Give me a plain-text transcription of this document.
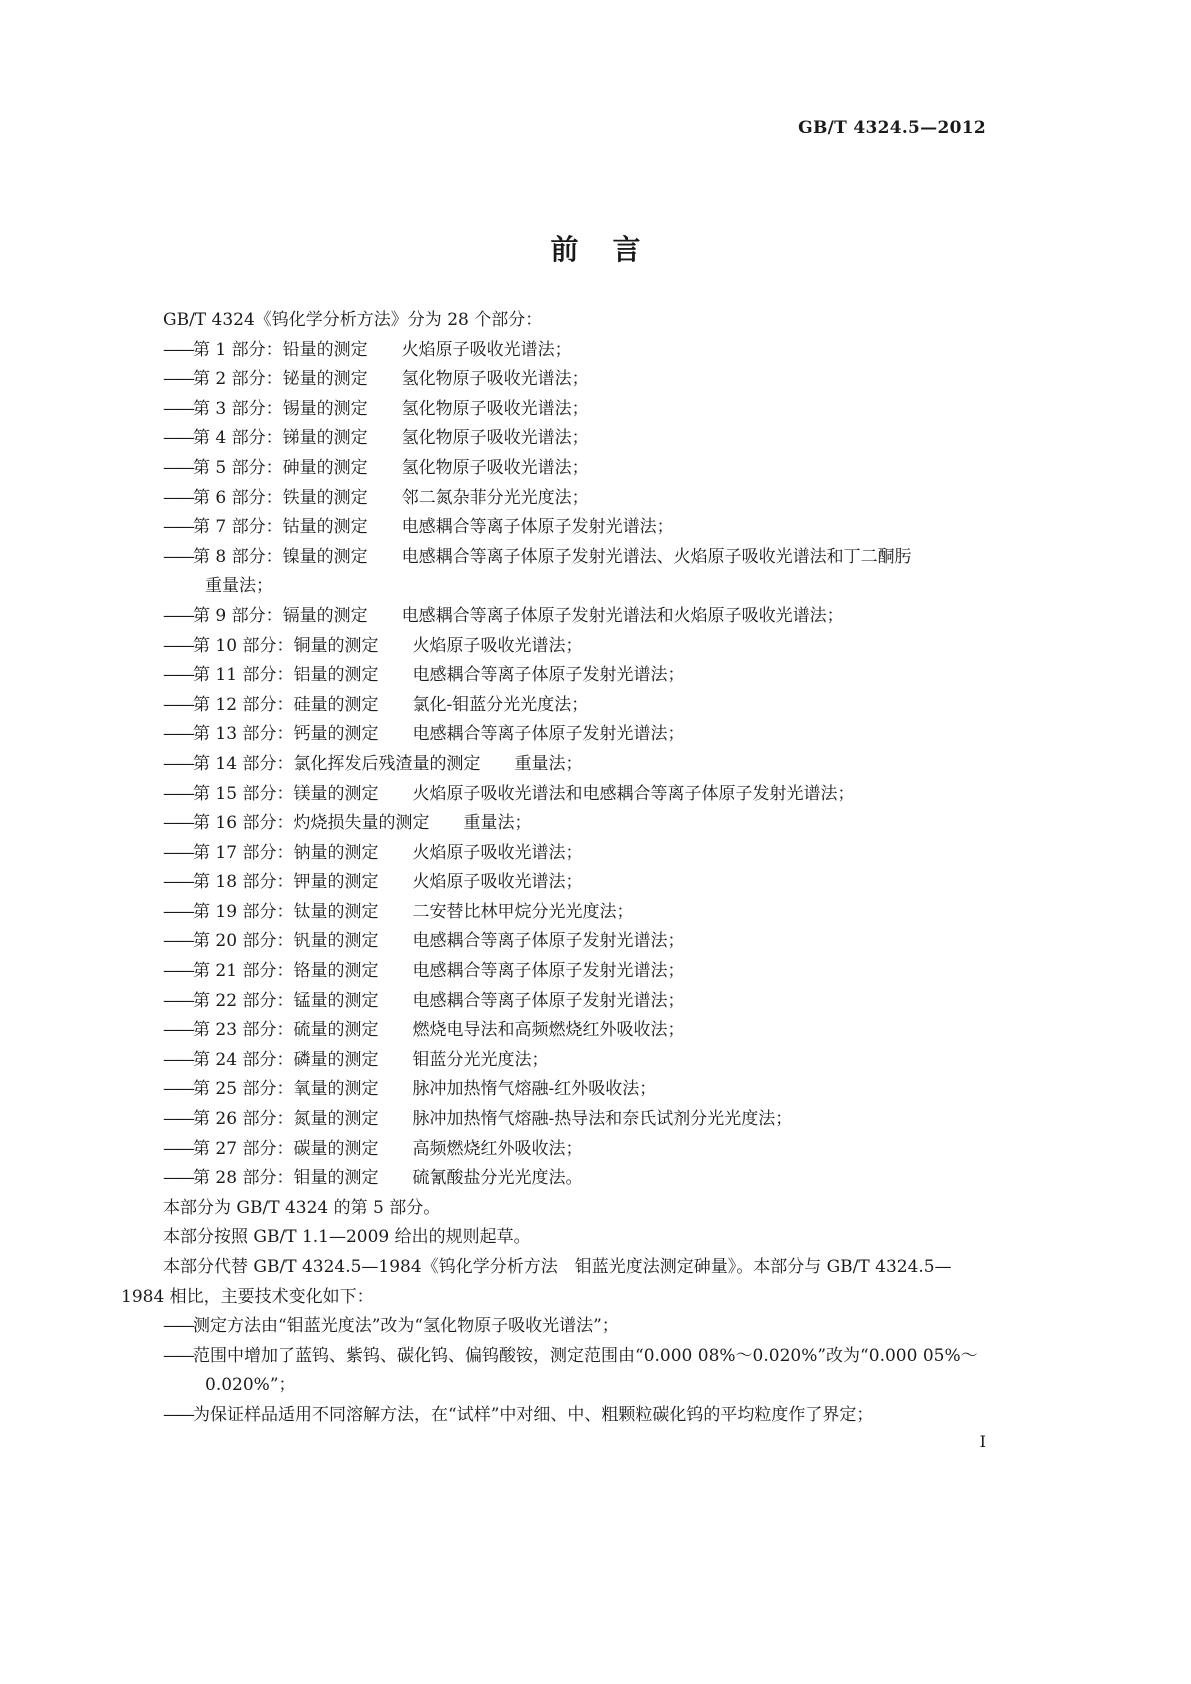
GB/T 4324.5—2012
前言
GB/T 4324《钨化学分析方法》分为 28 个部分：
——第 1 部分：铅量的测定 火焰原子吸收光谱法；
——第 2 部分：铋量的测定 氢化物原子吸收光谱法；
——第 3 部分：锡量的测定 氢化物原子吸收光谱法；
——第 4 部分：锑量的测定 氢化物原子吸收光谱法；
——第 5 部分：砷量的测定 氢化物原子吸收光谱法；
——第 6 部分：铁量的测定 邻二氮杂菲分光光度法；
——第 7 部分：钴量的测定 电感耦合等离子体原子发射光谱法；
——第 8 部分：镍量的测定 电感耦合等离子体原子发射光谱法、火焰原子吸收光谱法和丁二酮肟
重量法；
——第 9 部分：镉量的测定 电感耦合等离子体原子发射光谱法和火焰原子吸收光谱法；
——第 10 部分：铜量的测定 火焰原子吸收光谱法；
——第 11 部分：铝量的测定 电感耦合等离子体原子发射光谱法；
——第 12 部分：硅量的测定 氯化-钼蓝分光光度法；
——第 13 部分：钙量的测定 电感耦合等离子体原子发射光谱法；
——第 14 部分：氯化挥发后残渣量的测定 重量法；
——第 15 部分：镁量的测定 火焰原子吸收光谱法和电感耦合等离子体原子发射光谱法；
——第 16 部分：灼烧损失量的测定 重量法；
——第 17 部分：钠量的测定 火焰原子吸收光谱法；
——第 18 部分：钾量的测定 火焰原子吸收光谱法；
——第 19 部分：钛量的测定 二安替比林甲烷分光光度法；
——第 20 部分：钒量的测定 电感耦合等离子体原子发射光谱法；
——第 21 部分：铬量的测定 电感耦合等离子体原子发射光谱法；
——第 22 部分：锰量的测定 电感耦合等离子体原子发射光谱法；
——第 23 部分：硫量的测定 燃烧电导法和高频燃烧红外吸收法；
——第 24 部分：磷量的测定 钼蓝分光光度法；
——第 25 部分：氧量的测定 脉冲加热惰气熔融-红外吸收法；
——第 26 部分：氮量的测定 脉冲加热惰气熔融-热导法和奈氏试剂分光光度法；
——第 27 部分：碳量的测定 高频燃烧红外吸收法；
——第 28 部分：钼量的测定 硫氰酸盐分光光度法。
本部分为 GB/T 4324 的第 5 部分。
本部分按照 GB/T 1.1—2009 给出的规则起草。
本部分代替 GB/T 4324.5—1984《钨化学分析方法　钼蓝光度法测定砷量》。本部分与 GB/T 4324.5—
1984 相比，主要技术变化如下：
——测定方法由“钼蓝光度法”改为“氢化物原子吸收光谱法”；
——范围中增加了蓝钨、紫钨、碳化钨、偏钨酸铵，测定范围由“0.000 08%～0.020%”改为“0.000 05%～
0.020%”；
——为保证样品适用不同溶解方法，在“试样”中对细、中、粗颗粒碳化钨的平均粒度作了界定；
I
